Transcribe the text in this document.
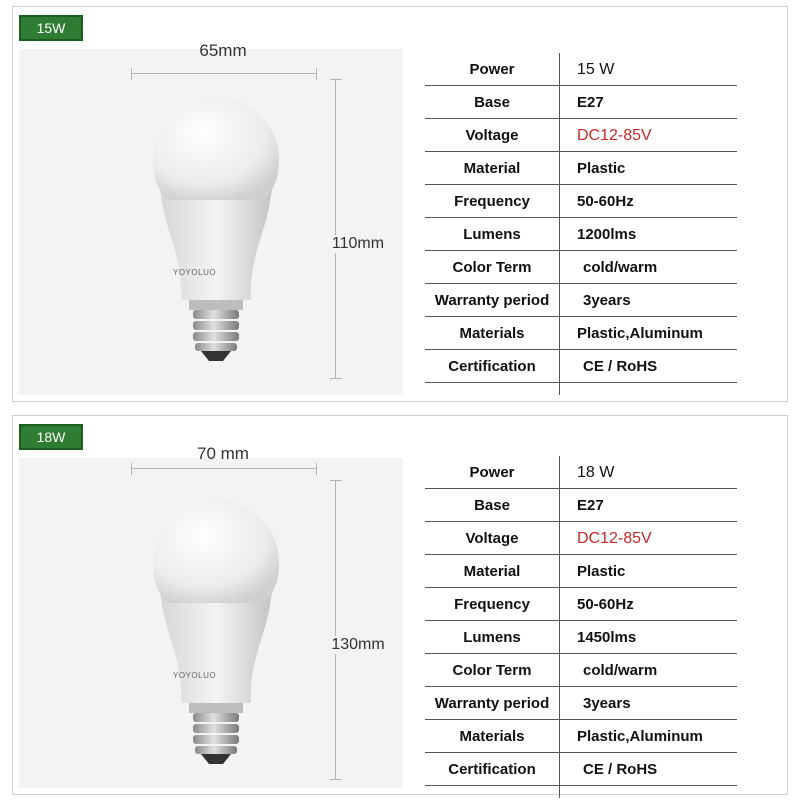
15W
65mm
110mm
YOYOLUO
Power	15 W
Base	E27
Voltage	DC12-85V
Material	Plastic
Frequency	50-60Hz
Lumens	1200lms
Color Term	cold/warm
Warranty period	3years
Materials	Plastic,Aluminum
Certification	CE / RoHS
18W
70 mm
130mm
YOYOLUO
Power	18 W
Base	E27
Voltage	DC12-85V
Material	Plastic
Frequency	50-60Hz
Lumens	1450lms
Color Term	cold/warm
Warranty period	3years
Materials	Plastic,Aluminum
Certification	CE / RoHS
